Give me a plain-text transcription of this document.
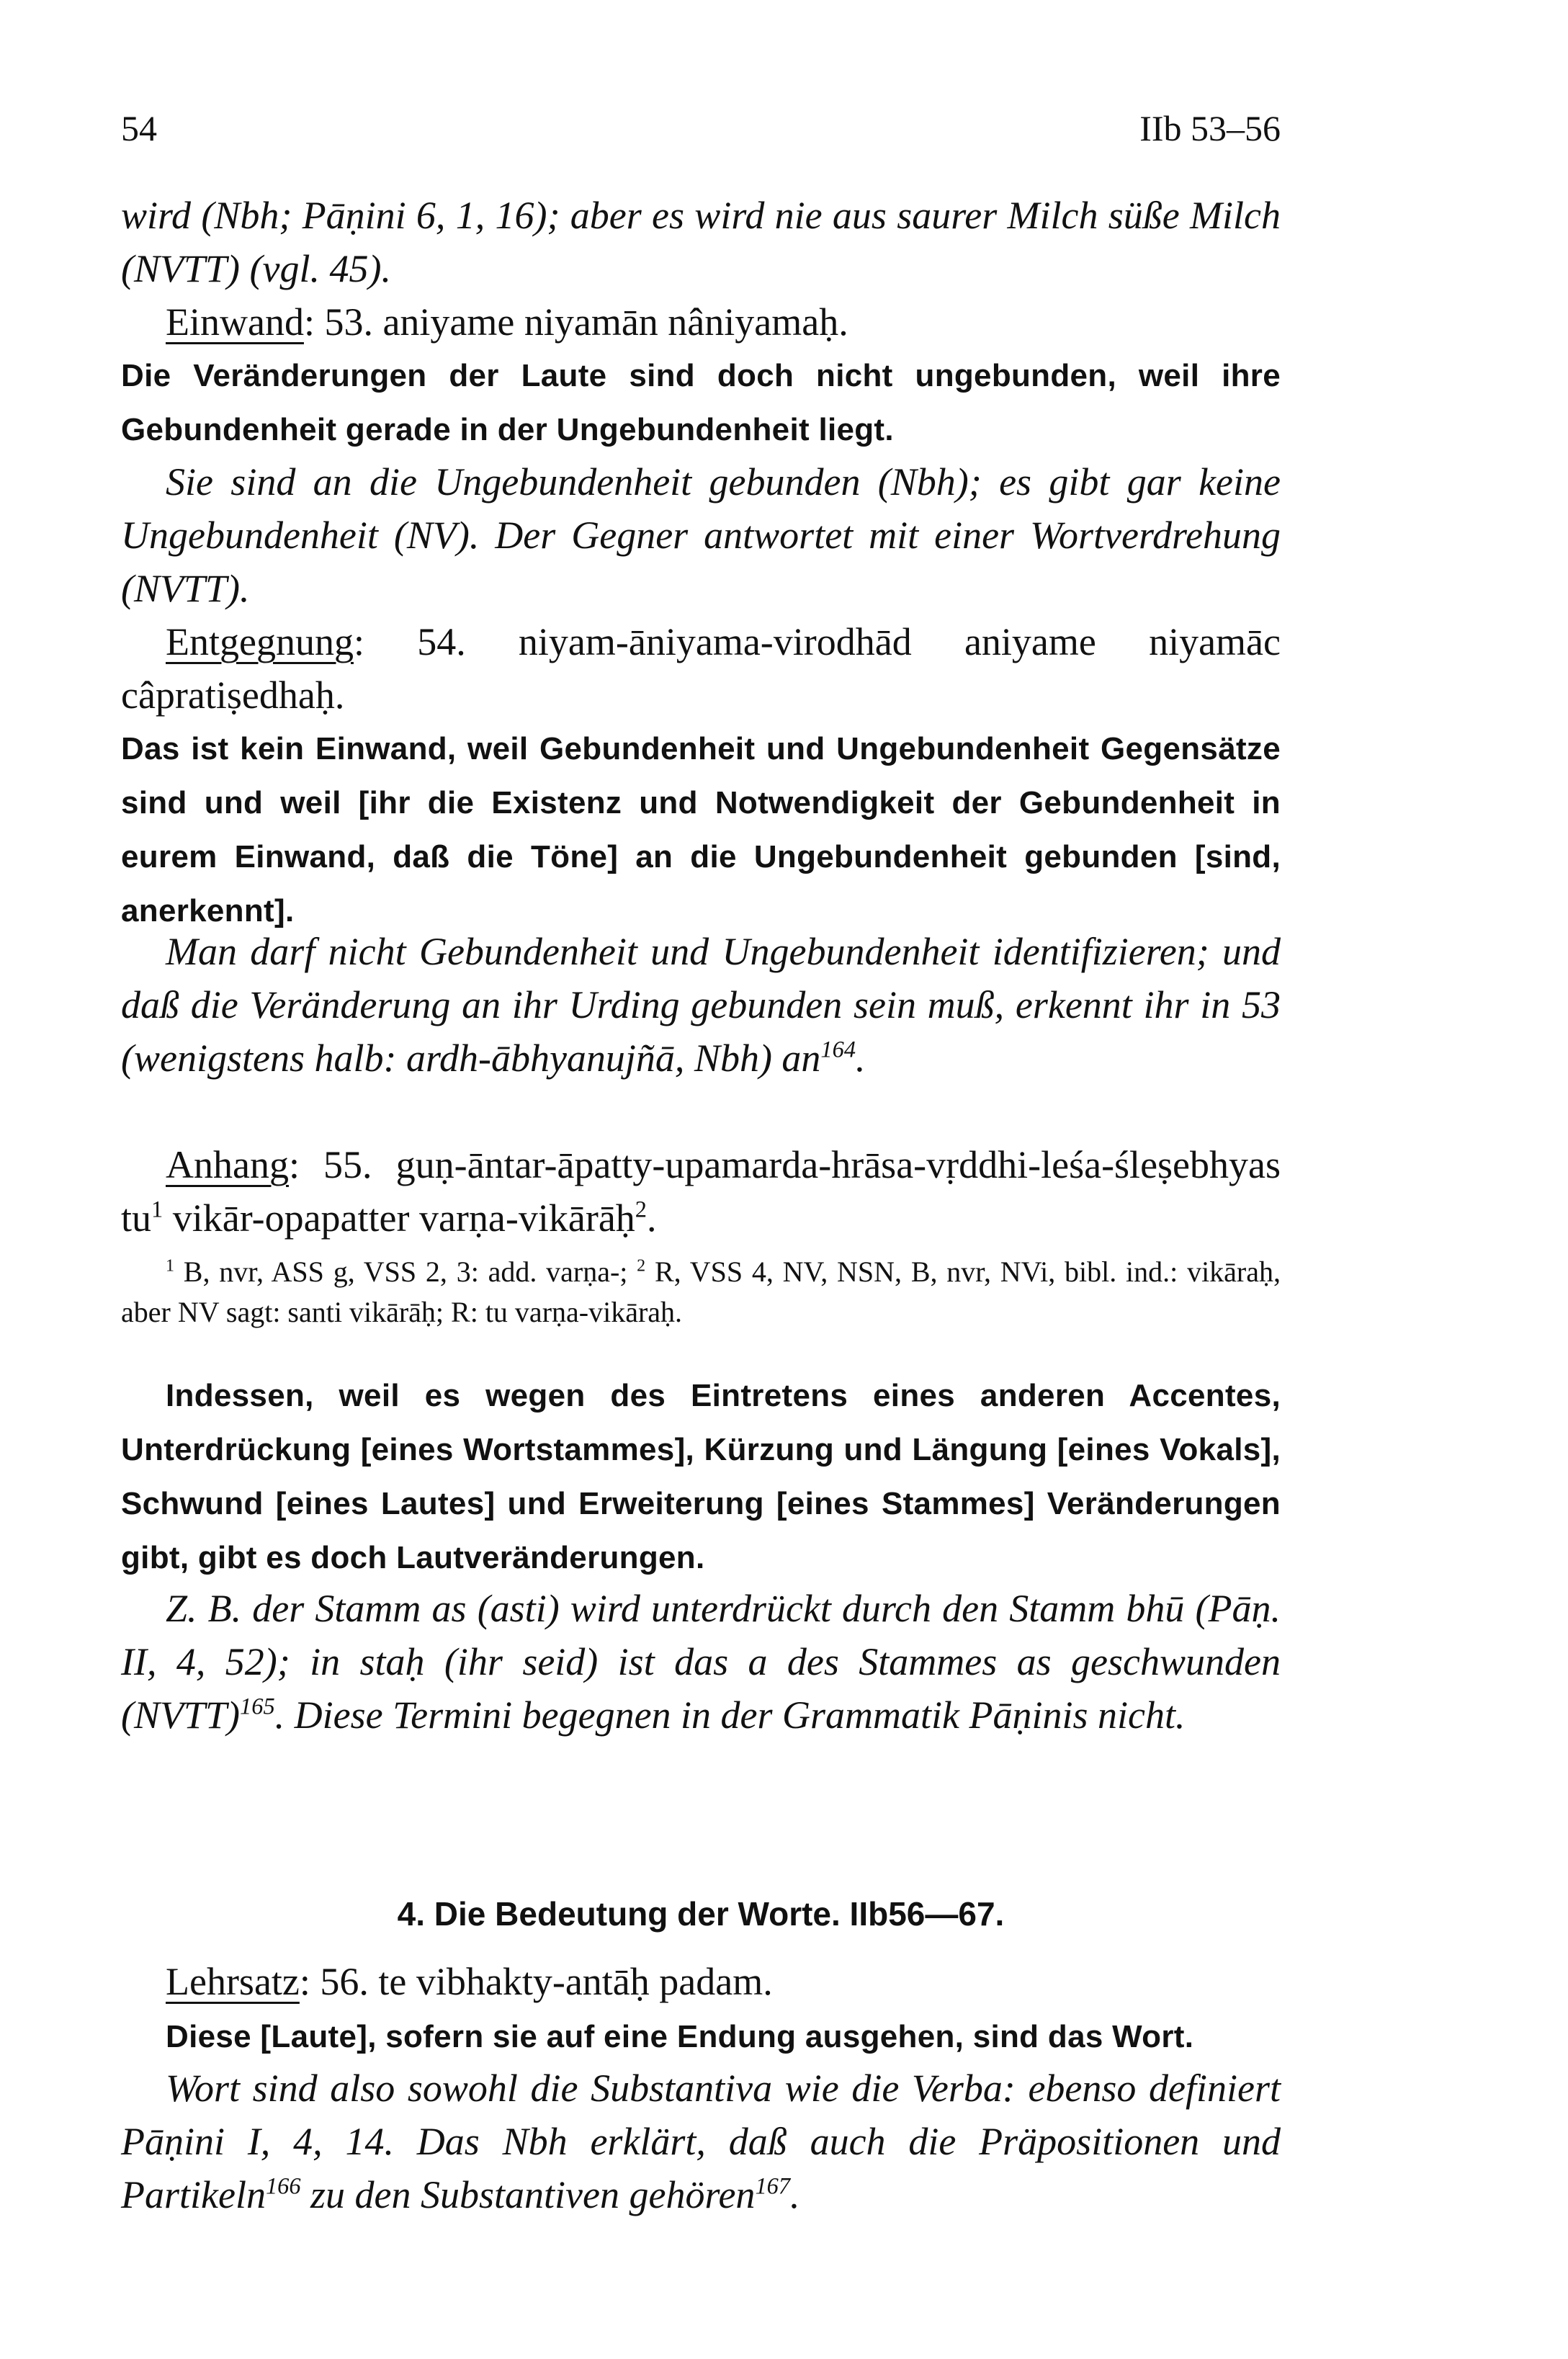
54	IIb 53–56
wird (Nbh; Pāṇini 6, 1, 16); aber es wird nie aus saurer Milch süße Milch (NVTT) (vgl. 45).
Einwand: 53. aniyame niyamān nâniyamaḥ.
Die Veränderungen der Laute sind doch nicht ungebunden, weil ihre Gebundenheit gerade in der Ungebundenheit liegt.
Sie sind an die Ungebundenheit gebunden (Nbh); es gibt gar keine Ungebundenheit (NV). Der Gegner antwortet mit einer Wortverdrehung (NVTT).
Entgegnung: 54. niyam-āniyama-virodhād aniyame niyamāc câpratiṣedhaḥ.
Das ist kein Einwand, weil Gebundenheit und Ungebundenheit Gegensätze sind und weil [ihr die Existenz und Notwendigkeit der Gebundenheit in eurem Einwand, daß die Töne] an die Ungebundenheit gebunden [sind, anerkennt].
Man darf nicht Gebundenheit und Ungebundenheit identifizieren; und daß die Veränderung an ihr Urding gebunden sein muß, erkennt ihr in 53 (wenigstens halb: ardh-ābhyanujñā, Nbh) $an^{164}$.
Anhang: 55. guṇ-āntar-āpatty-upamarda-hrāsa-vṛddhi-leśa-śleṣebhyas $tu^1$ vikār-opapatter varṇa-vikārāḥ$^2$.
$^1$ B, nvr, ASS g, VSS 2, 3: add. varṇa-; $^2$ R, VSS 4, NV, NSN, B, nvr, NVi, bibl. ind.: vikāraḥ, aber NV sagt: santi vikārāḥ; R: tu varṇa-vikāraḥ.
Indessen, weil es wegen des Eintretens eines anderen Accentes, Unterdrückung [eines Wortstammes], Kürzung und Längung [eines Vokals], Schwund [eines Lautes] und Erweiterung [eines Stammes] Veränderungen gibt, gibt es doch Lautveränderungen.
Z. B. der Stamm as (asti) wird unterdrückt durch den Stamm bhū (Pāṇ. II, 4, 52); in staḥ (ihr seid) ist das a des Stammes as geschwunden (NVTT)$^{165}$. Diese Termini begegnen in der Grammatik Pāṇinis nicht.
4. Die Bedeutung der Worte. IIb56—67.
Lehrsatz: 56. te vibhakty-antāḥ padam.
Diese [Laute], sofern sie auf eine Endung ausgehen, sind das Wort.
Wort sind also sowohl die Substantiva wie die Verba: ebenso definiert Pāṇini I, 4, 14. Das Nbh erklärt, daß auch die Präpositionen und Partikeln$^{166}$ zu den Substantiven gehören$^{167}$.
